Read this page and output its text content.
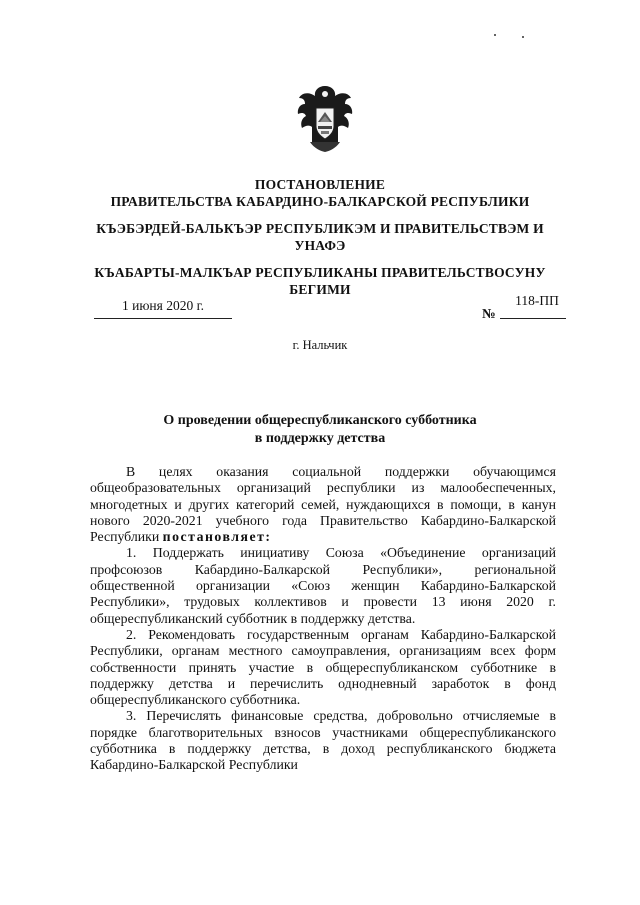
ПОСТАНОВЛЕНИЕ
ПРАВИТЕЛЬСТВА КАБАРДИНО-БАЛКАРСКОЙ РЕСПУБЛИКИ
КЪЭБЭРДЕЙ-БАЛЬКЪЭР РЕСПУБЛИКЭМ И ПРАВИТЕЛЬСТВЭМ И
УНАФЭ
КЪАБАРТЫ-МАЛКЪАР РЕСПУБЛИКАНЫ ПРАВИТЕЛЬСТВОСУНУ
БЕГИМИ
1 июня 2020 г.
№
118-ПП
г. Нальчик
О проведении общереспубликанского субботника
в поддержку детства

В целях оказания социальной поддержки обучающимся общеобразовательных организаций республики из малообеспеченных, многодетных и других категорий семей, нуждающихся в помощи, в канун нового 2020-2021 учебного года Правительство Кабардино-Балкарской Республики постановляет:

1. Поддержать инициативу Союза «Объединение организаций профсоюзов Кабардино-Балкарской Республики», региональной общественной организации «Союз женщин Кабардино-Балкарской Республики», трудовых коллективов и провести 13 июня 2020 г. общереспубликанский субботник в поддержку детства.

2. Рекомендовать государственным органам Кабардино-Балкарской Республики, органам местного самоуправления, организациям всех форм собственности принять участие в общереспубликанском субботнике в поддержку детства и перечислить однодневный заработок в фонд общереспубликанского субботника.

3. Перечислять финансовые средства, добровольно отчисляемые в порядке благотворительных взносов участниками общереспубликанского субботника в поддержку детства, в доход республиканского бюджета Кабардино-Балкарской Республики
